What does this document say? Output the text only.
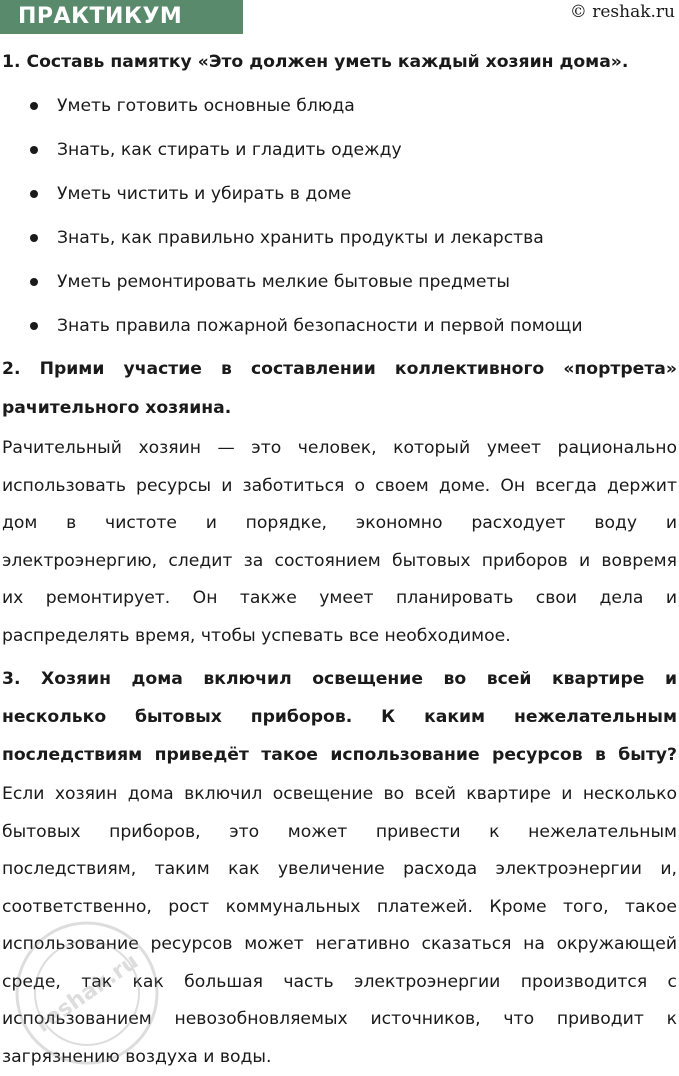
ПРАКТИКУМ	© reshak.ru
1. Составь памятку «Это должен уметь каждый хозяин дома».
Уметь готовить основные блюда
Знать, как стирать и гладить одежду
Уметь чистить и убирать в доме
Знать, как правильно хранить продукты и лекарства
Уметь ремонтировать мелкие бытовые предметы
Знать правила пожарной безопасности и первой помощи
2. Прими участие в составлении коллективного «портрета»
рачительного хозяина.
Рачительный хозяин — это человек, который умеет рационально
использовать ресурсы и заботиться о своем доме. Он всегда держит
дом в чистоте и порядке, экономно расходует воду и
электроэнергию, следит за состоянием бытовых приборов и вовремя
их ремонтирует. Он также умеет планировать свои дела и
распределять время, чтобы успевать все необходимое.
3. Хозяин дома включил освещение во всей квартире и
несколько бытовых приборов. К каким нежелательным
последствиям приведёт такое использование ресурсов в быту?
Если хозяин дома включил освещение во всей квартире и несколько
бытовых приборов, это может привести к нежелательным
последствиям, таким как увеличение расхода электроэнергии и,
соответственно, рост коммунальных платежей. Кроме того, такое
использование ресурсов может негативно сказаться на окружающей
среде, так как большая часть электроэнергии производится с
использованием невозобновляемых источников, что приводит к
загрязнению воздуха и воды.
reshak.ru
